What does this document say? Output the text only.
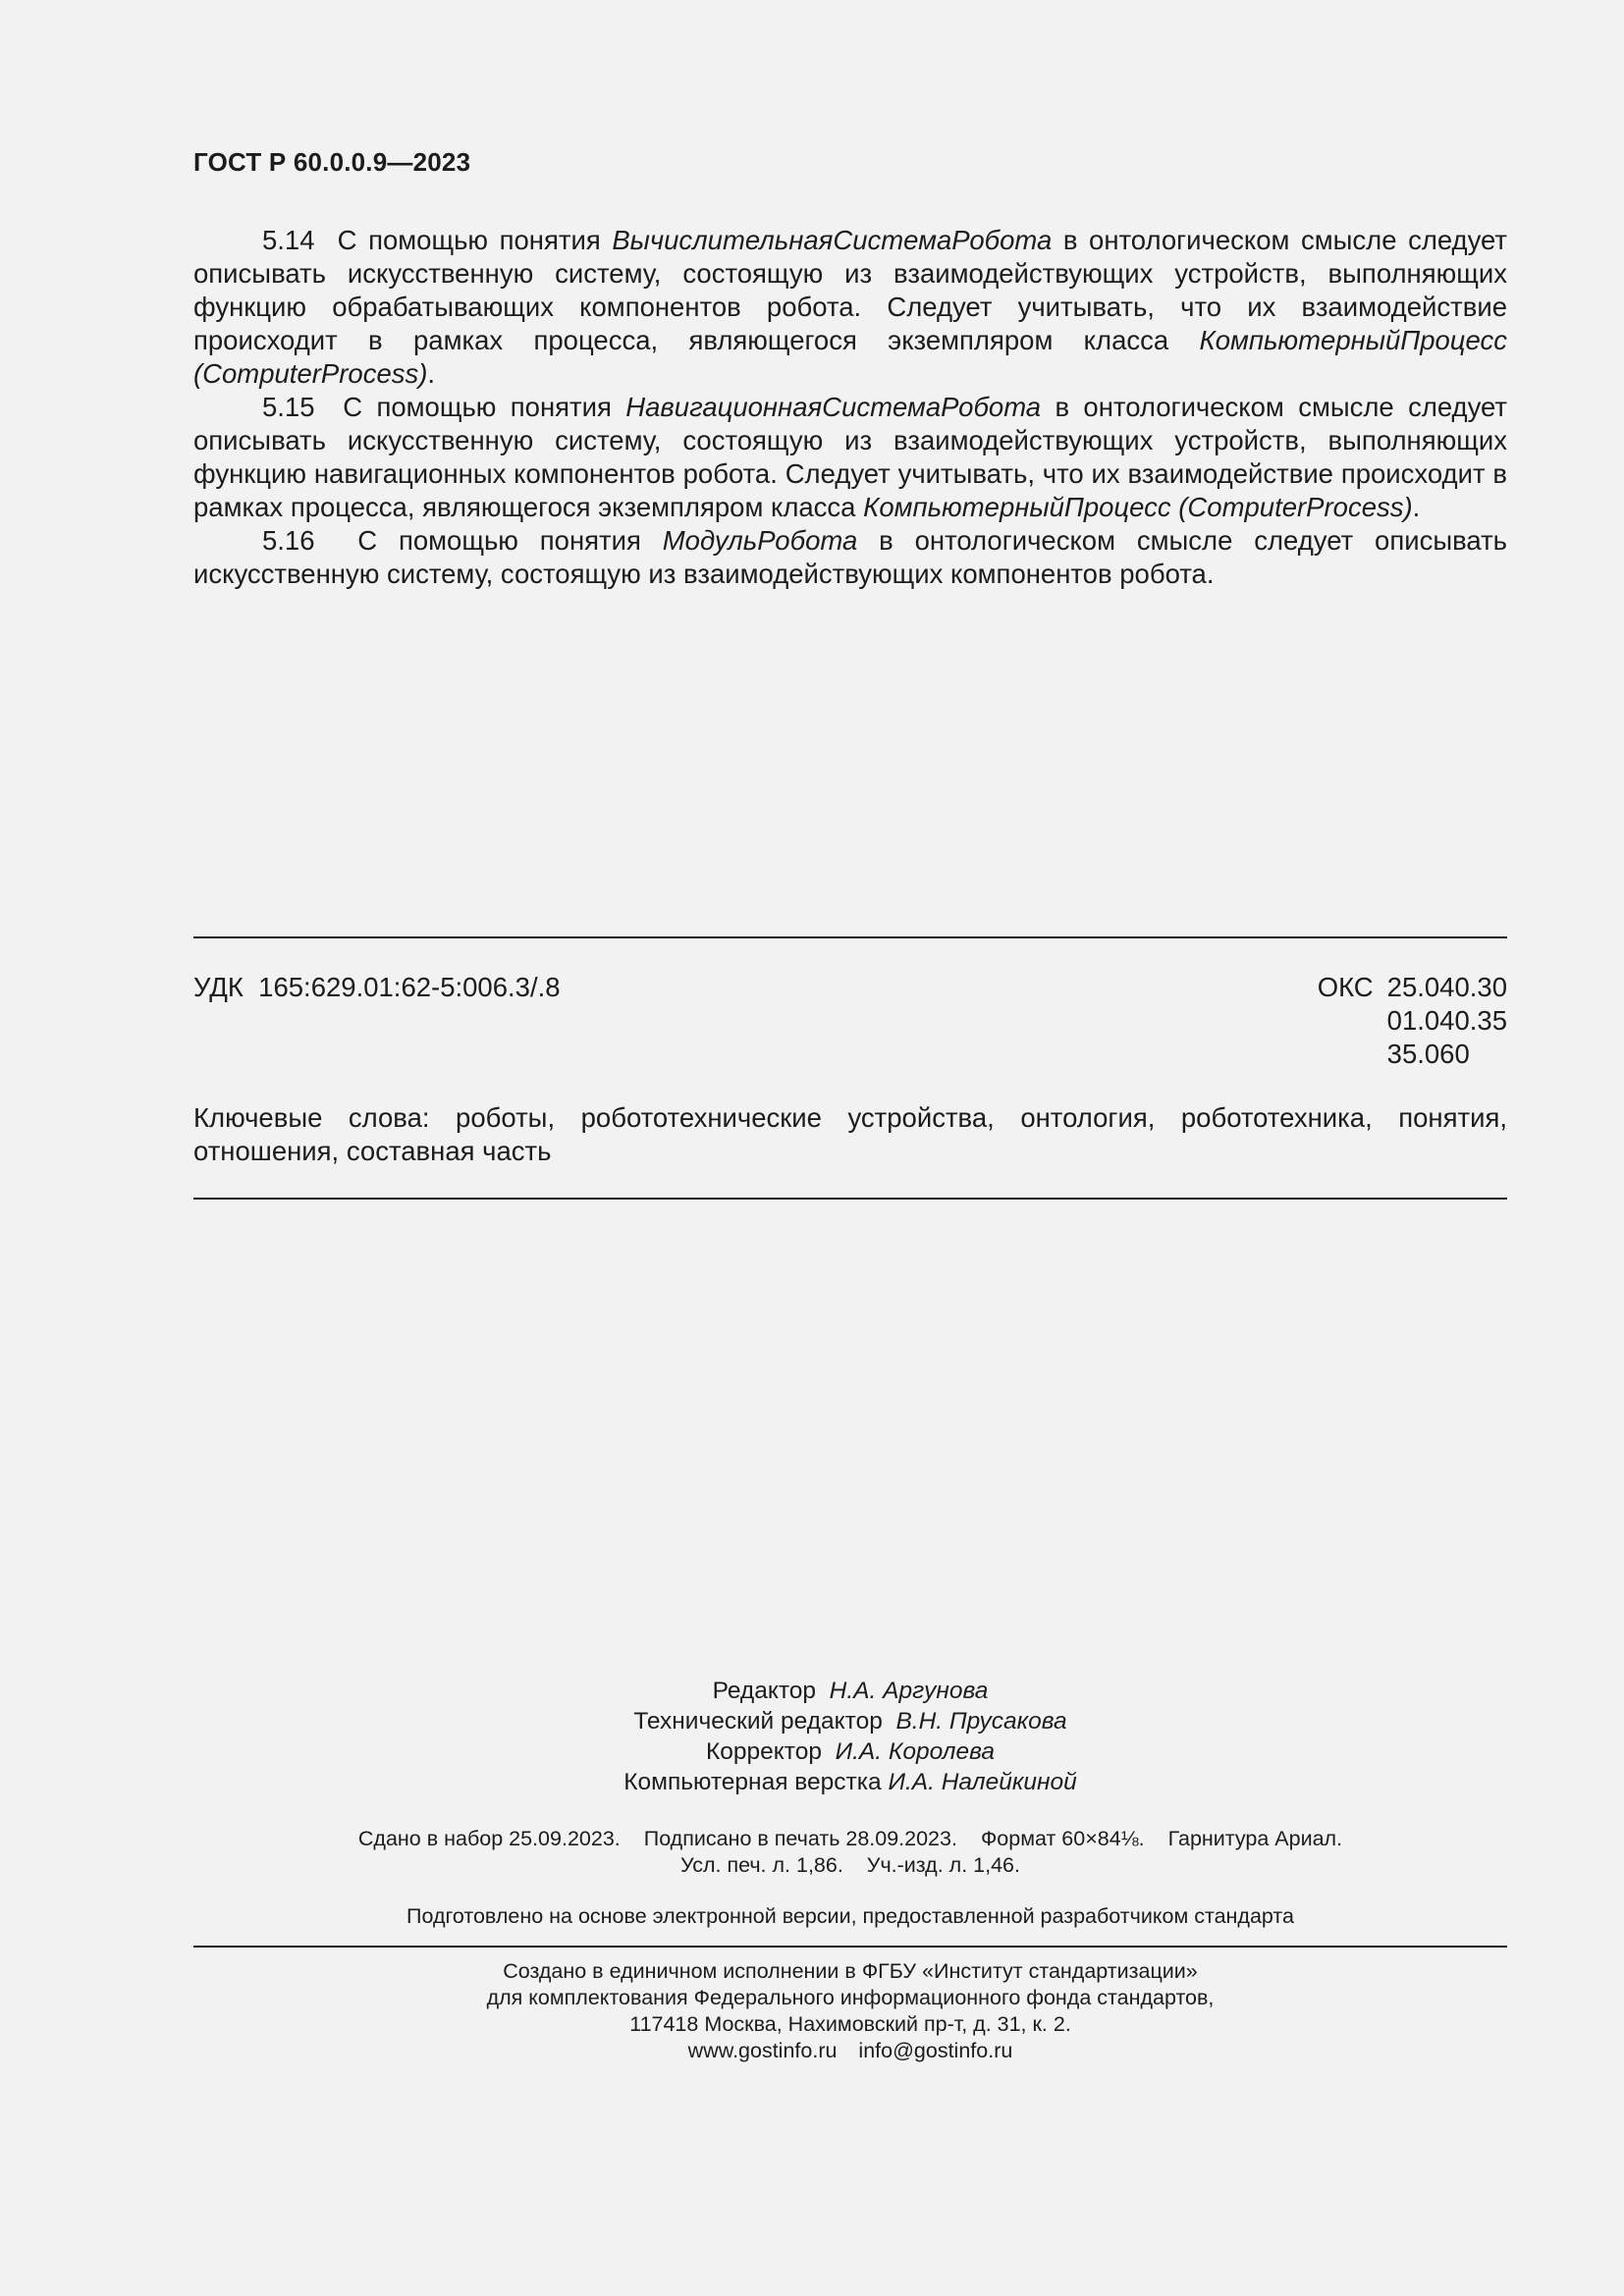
ГОСТ Р 60.0.0.9—2023

5.14 С помощью понятия ВычислительнаяСистемаРобота в онтологическом смысле следует описывать искусственную систему, состоящую из взаимодействующих устройств, выполняющих функцию обрабатывающих компонентов робота. Следует учитывать, что их взаимодействие происходит в рамках процесса, являющегося экземпляром класса КомпьютерныйПроцесс (ComputerProcess).

5.15 С помощью понятия НавигационнаяСистемаРобота в онтологическом смысле следует описывать искусственную систему, состоящую из взаимодействующих устройств, выполняющих функцию навигационных компонентов робота. Следует учитывать, что их взаимодействие происходит в рамках процесса, являющегося экземпляром класса КомпьютерныйПроцесс (ComputerProcess).

5.16 С помощью понятия МодульРобота в онтологическом смысле следует описывать искусственную систему, состоящую из взаимодействующих компонентов робота.

УДК 165:629.01:62-5:006.3/.8	ОКС 25.040.30
01.040.35
35.060
Ключевые слова: роботы, робототехнические устройства, онтология, робототехника, понятия, отношения, составная часть
Редактор Н.А. Аргунова
Технический редактор В.Н. Прусакова
Корректор И.А. Королева
Компьютерная верстка И.А. Налейкиной
Сдано в набор 25.09.2023. Подписано в печать 28.09.2023. Формат 60×84⅛. Гарнитура Ариал.
Усл. печ. л. 1,86. Уч.-изд. л. 1,46.
Подготовлено на основе электронной версии, предоставленной разработчиком стандарта
Создано в единичном исполнении в ФГБУ «Институт стандартизации»
для комплектования Федерального информационного фонда стандартов,
117418 Москва, Нахимовский пр-т, д. 31, к. 2.
www.gostinfo.ru info@gostinfo.ru
